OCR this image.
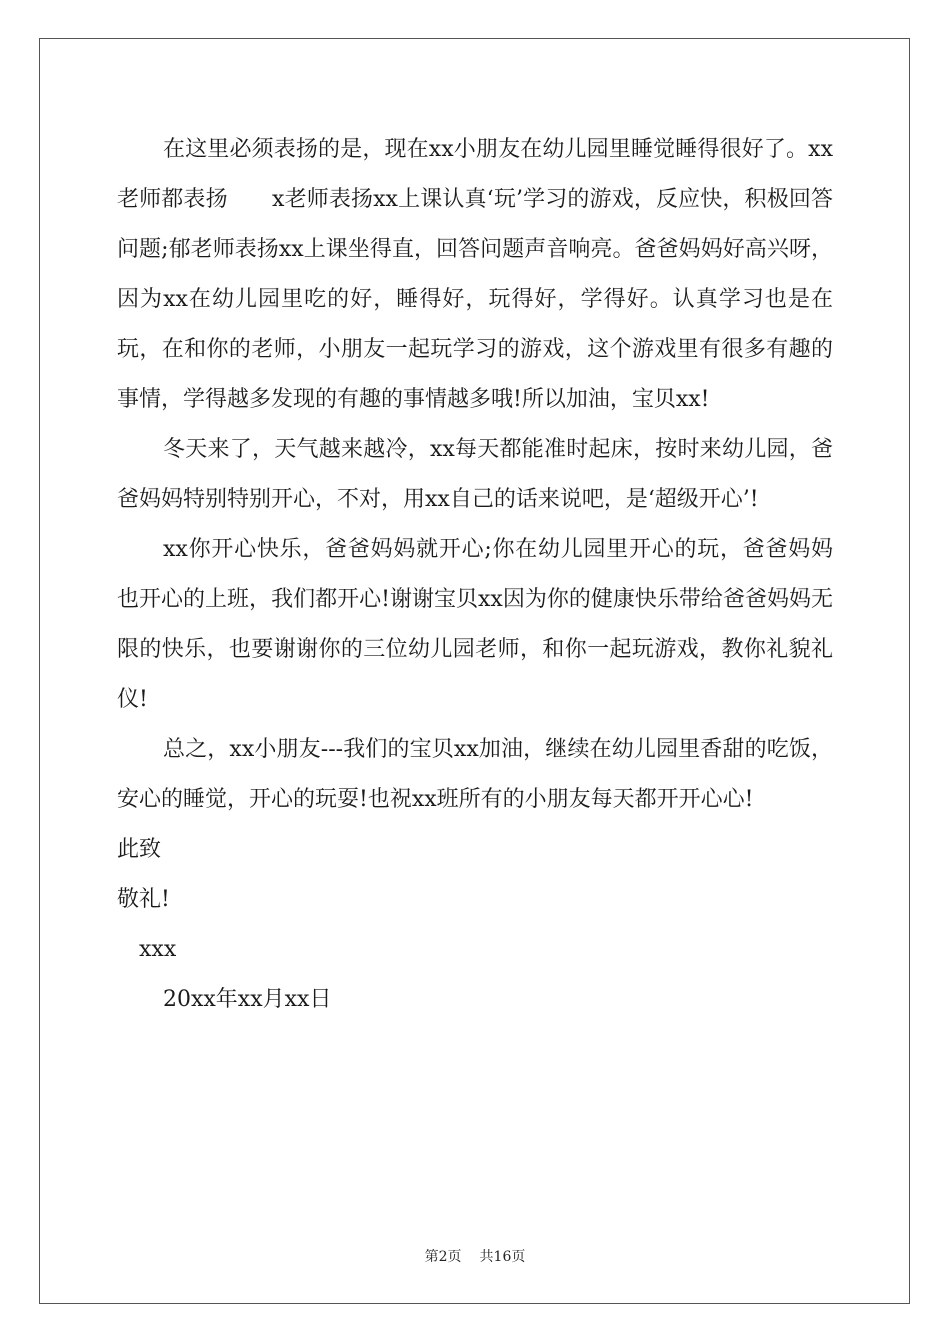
在这里必须表扬的是，现在xx小朋友在幼儿园里睡觉睡得很好了。xx老师都表扬　　x老师表扬xx上课认真‘玩’学习的游戏，反应快，积极回答问题;郁老师表扬xx上课坐得直，回答问题声音响亮。爸爸妈妈好高兴呀，因为xx在幼儿园里吃的好，睡得好，玩得好，学得好。认真学习也是在玩，在和你的老师，小朋友一起玩学习的游戏，这个游戏里有很多有趣的事情，学得越多发现的有趣的事情越多哦!所以加油，宝贝xx!

冬天来了，天气越来越冷，xx每天都能准时起床，按时来幼儿园，爸爸妈妈特别特别开心，不对，用xx自己的话来说吧，是‘超级开心’!

xx你开心快乐，爸爸妈妈就开心;你在幼儿园里开心的玩，爸爸妈妈也开心的上班，我们都开心!谢谢宝贝xx因为你的健康快乐带给爸爸妈妈无限的快乐，也要谢谢你的三位幼儿园老师，和你一起玩游戏，教你礼貌礼仪!

总之，xx小朋友---我们的宝贝xx加油，继续在幼儿园里香甜的吃饭，安心的睡觉，开心的玩耍!也祝xx班所有的小朋友每天都开开心心!

此致

敬礼!

xxx

20xx年xx月xx日

第2页 共16页
